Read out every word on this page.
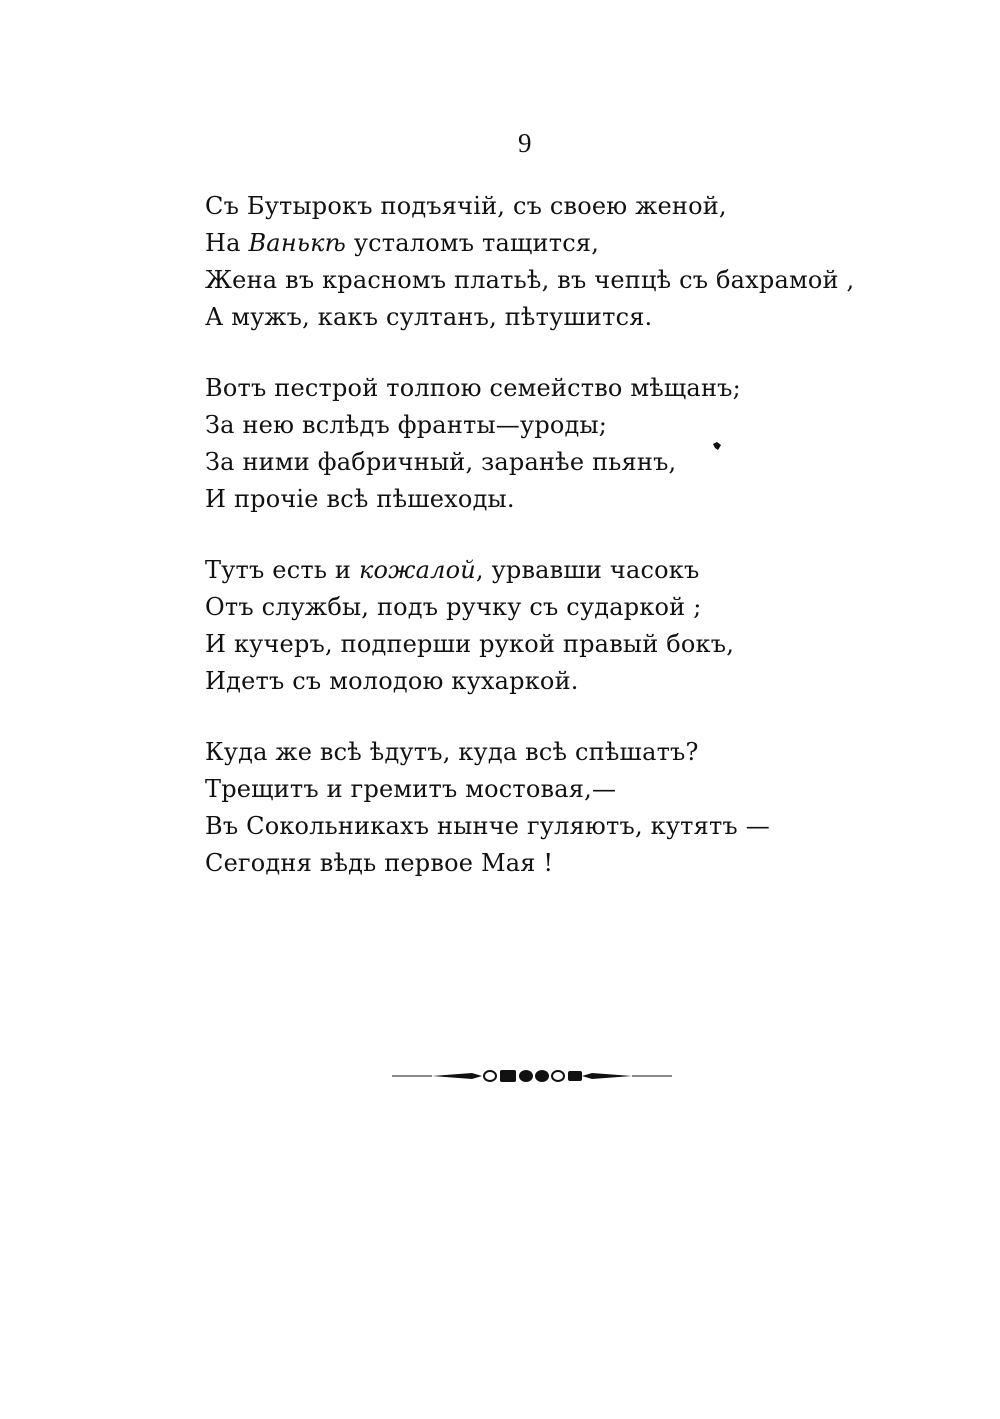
9
Съ Бутырокъ подъячій, съ своею женой,
На Ванькѣ усталомъ тащится,
Жена въ красномъ платьѣ, въ чепцѣ съ бахрамой ,
А мужъ, какъ султанъ, пѣтушится.
Вотъ пестрой толпою семейство мѣщанъ;
За нею вслѣдъ франты—уроды;
За ними фабричный, заранѣе пьянъ,
И прочіе всѣ пѣшеходы.
Тутъ есть и кожалой, урвавши часокъ
Отъ службы, подъ ручку съ сударкой ;
И кучеръ, подперши рукой правый бокъ,
Идетъ съ молодою кухаркой.
Куда же всѣ ѣдутъ, куда всѣ спѣшатъ?
Трещитъ и гремитъ мостовая,—
Въ Сокольникахъ нынче гуляютъ, кутятъ —
Сегодня вѣдь первое Мая !
